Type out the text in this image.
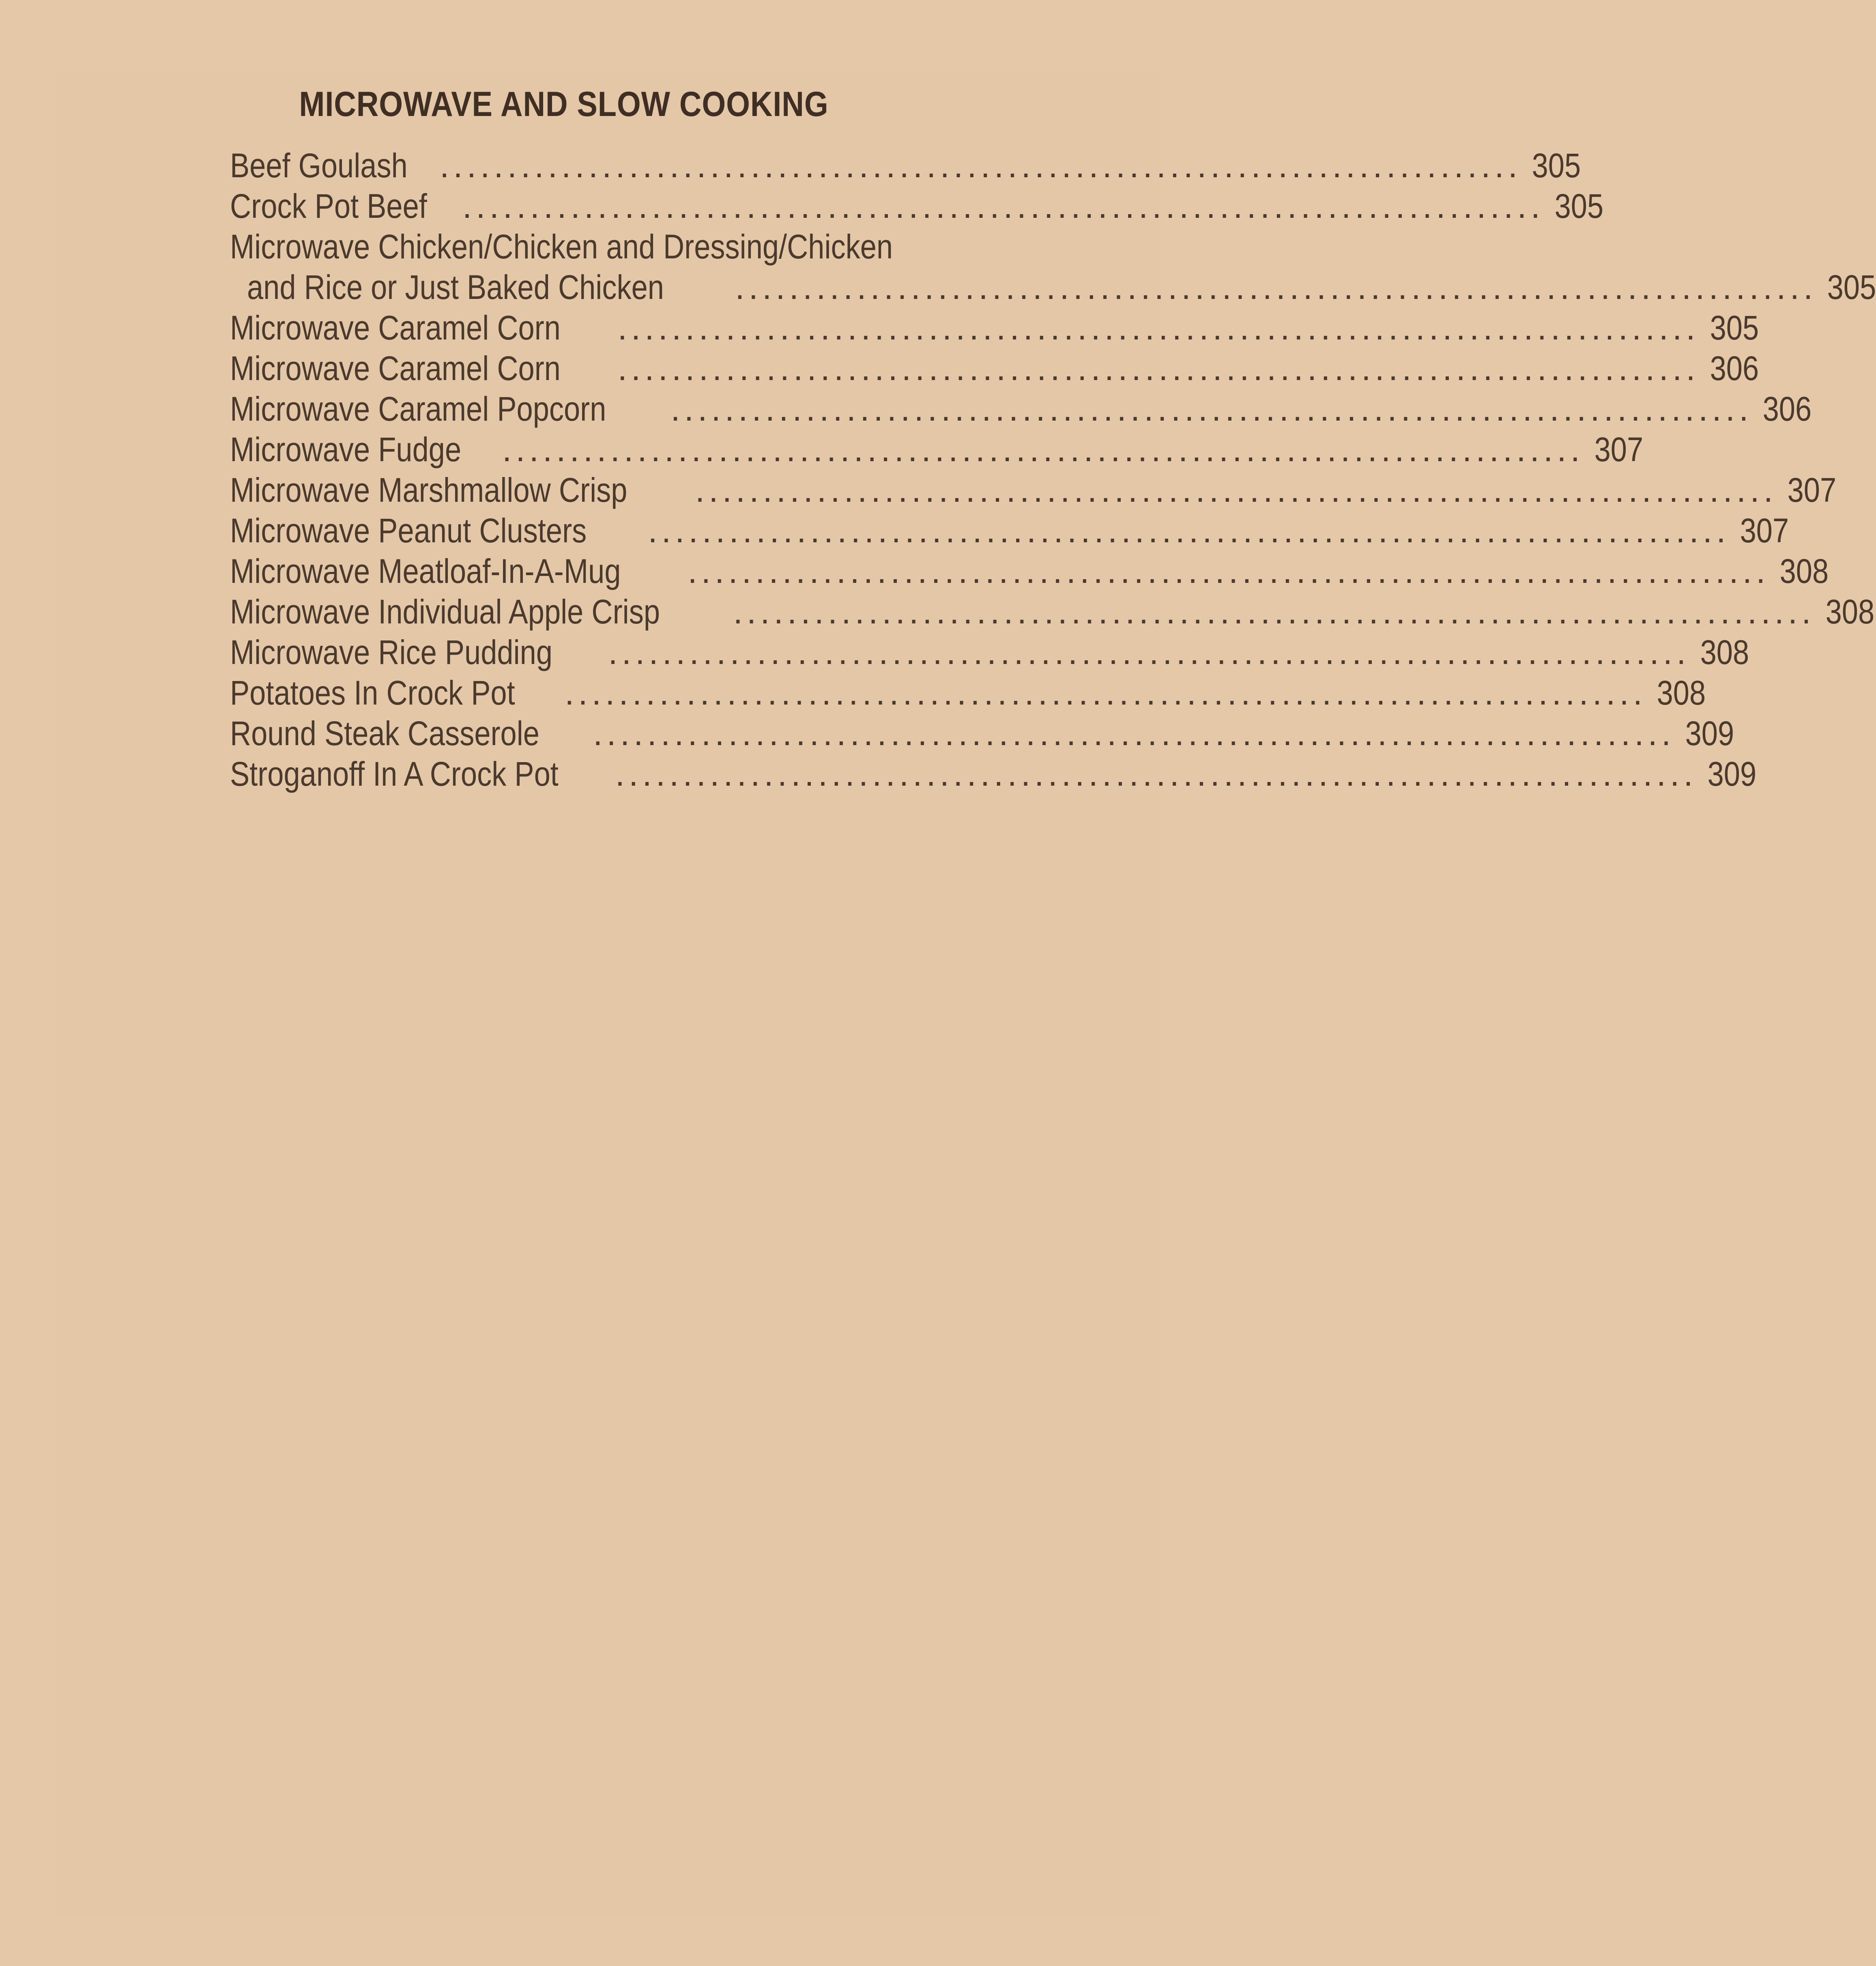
MICROWAVE AND SLOW COOKING
Beef Goulash ................................................................................ 305
Crock Pot Beef	................................................................................ 305
Microwave Chicken/Chicken and Dressing/Chicken
and Rice or Just Baked Chicken	................................................................................ 305
Microwave Caramel Corn	................................................................................ 305
Microwave Caramel Corn	................................................................................ 306
Microwave Caramel Popcorn	................................................................................ 306
Microwave Fudge	................................................................................ 307
Microwave Marshmallow Crisp	................................................................................ 307
Microwave Peanut Clusters	................................................................................ 307
Microwave Meatloaf-In-A-Mug	................................................................................ 308
Microwave Individual Apple Crisp	................................................................................ 308
Microwave Rice Pudding	................................................................................ 308
Potatoes In Crock Pot	................................................................................ 308
Round Steak Casserole	................................................................................ 309
Stroganoff In A Crock Pot	................................................................................ 309
